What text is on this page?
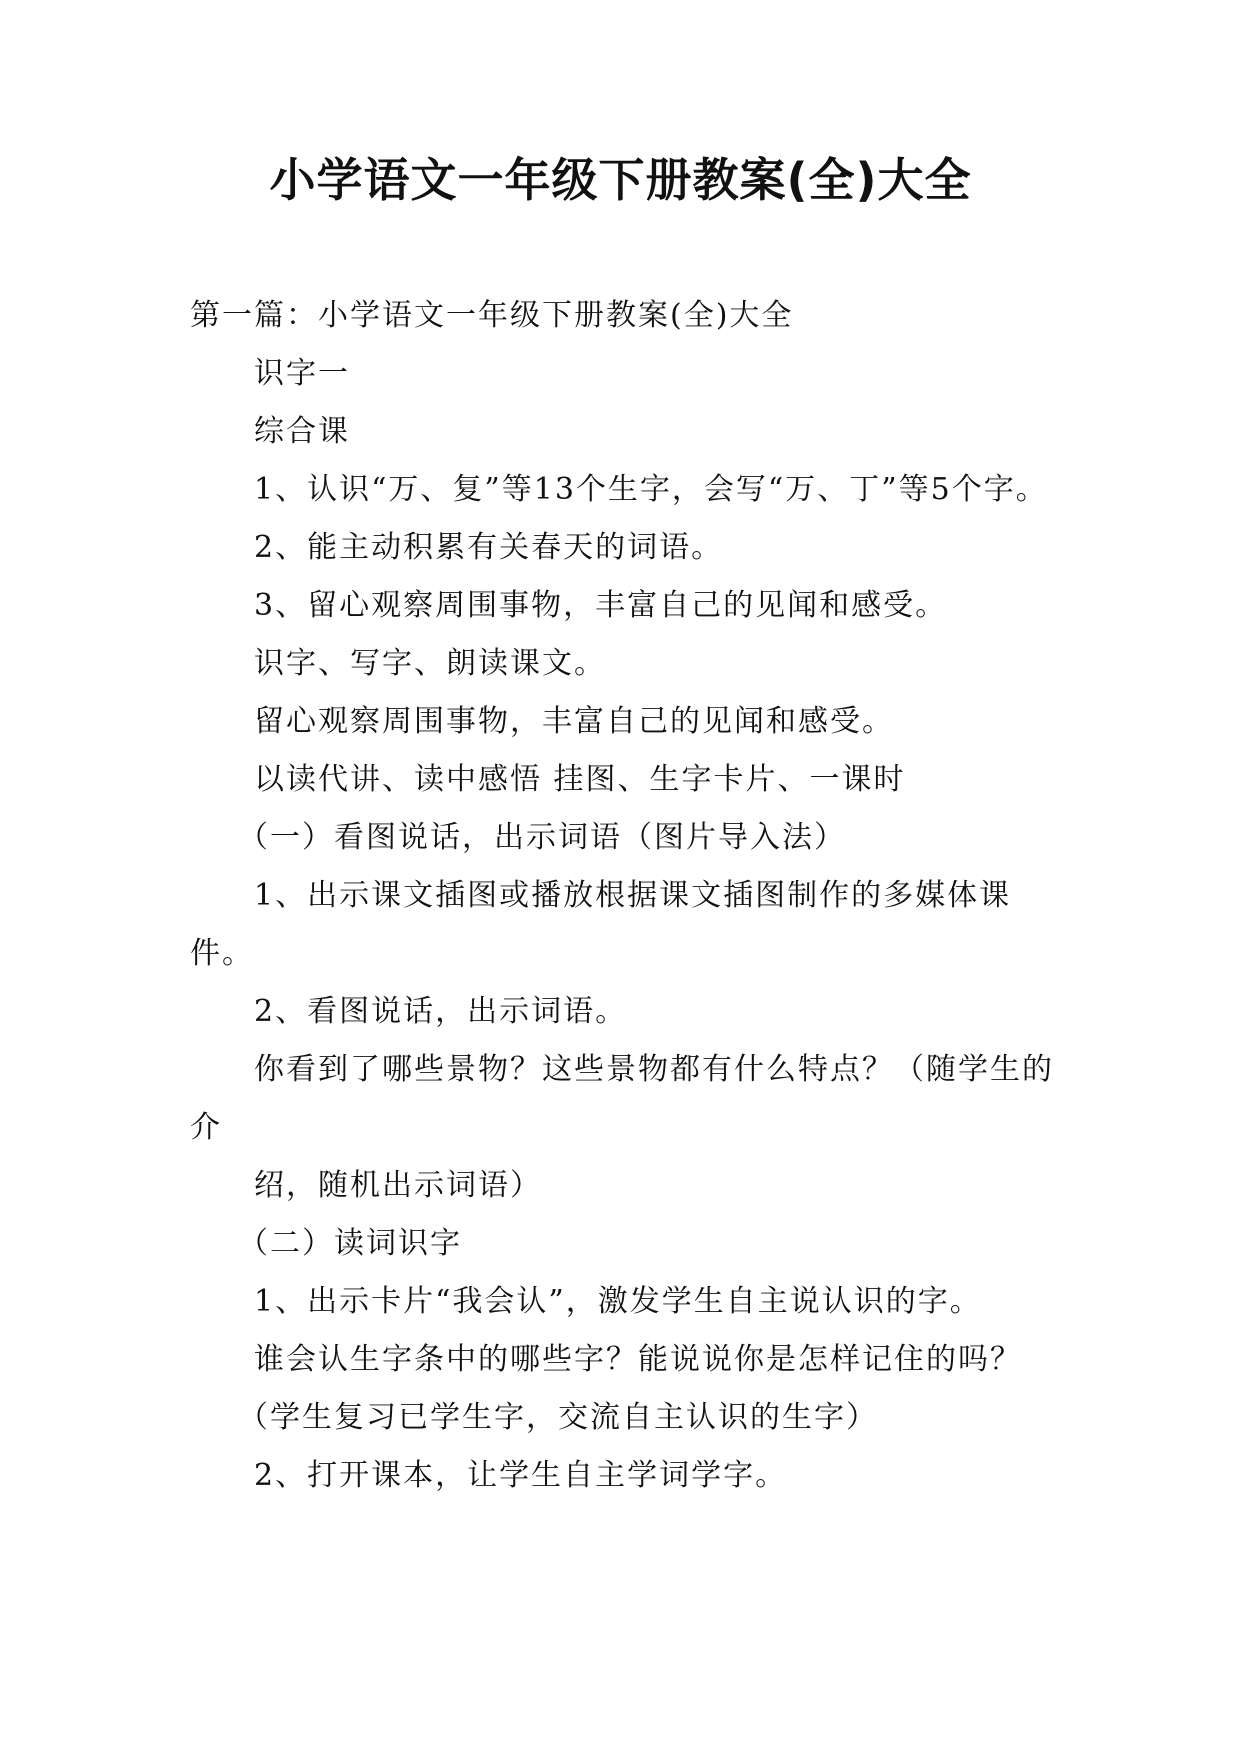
小学语文一年级下册教案(全)大全

第一篇：小学语文一年级下册教案(全)大全

识字一

综合课

1、认识“万、复”等13个生字，会写“万、丁”等5个字。

2、能主动积累有关春天的词语。

3、留心观察周围事物，丰富自己的见闻和感受。

识字、写字、朗读课文。

留心观察周围事物，丰富自己的见闻和感受。

以读代讲、读中感悟 挂图、生字卡片、一课时

（一）看图说话，出示词语（图片导入法）

1、出示课文插图或播放根据课文插图制作的多媒体课件。

2、看图说话，出示词语。

你看到了哪些景物？这些景物都有什么特点？（随学生的介

绍，随机出示词语）

（二）读词识字

1、出示卡片“我会认”，激发学生自主说认识的字。

谁会认生字条中的哪些字？能说说你是怎样记住的吗？

（学生复习已学生字，交流自主认识的生字）

2、打开课本，让学生自主学词学字。
